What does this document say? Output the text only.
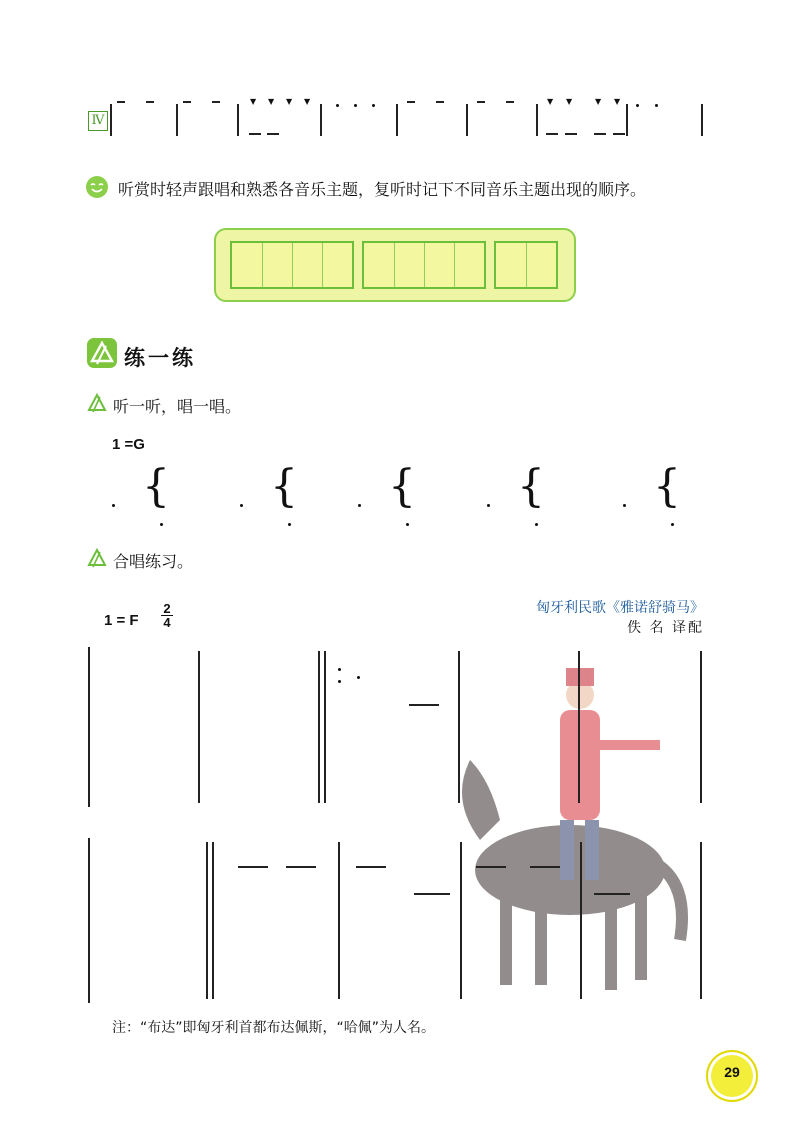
Ⅳ
▼ ▼ ▼ ▼	▼ ▼	▼ ▼
听赏时轻声跟唱和熟悉各音乐主题，复听时记下不同音乐主题出现的顺序。
练一练
听一听，唱一唱。
1 =G
{ { { { {
合唱练习。
1 = F
2
4
匈牙利民歌《雅诺舒骑马》
佚 名 译配
注：“布达”即匈牙利首都布达佩斯，“哈佩”为人名。
29
